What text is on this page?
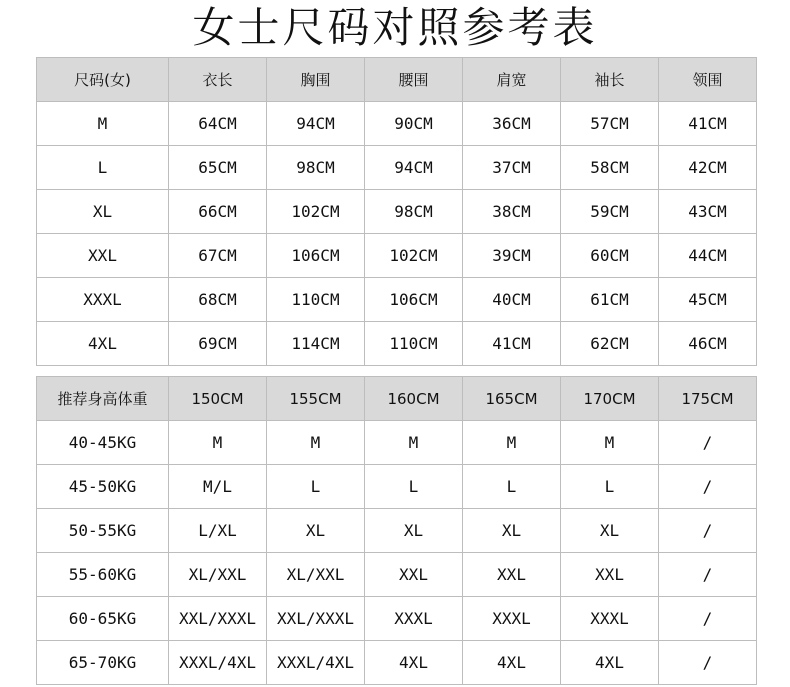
女士尺码对照参考表
尺码(女)	衣长	胸围	腰围	肩宽	袖长	领围
M	64CM	94CM	90CM	36CM	57CM	41CM
L	65CM	98CM	94CM	37CM	58CM	42CM
XL	66CM	102CM	98CM	38CM	59CM	43CM
XXL	67CM	106CM	102CM	39CM	60CM	44CM
XXXL	68CM	110CM	106CM	40CM	61CM	45CM
4XL	69CM	114CM	110CM	41CM	62CM	46CM
推荐身高体重	150CM	155CM	160CM	165CM	170CM	175CM
40-45KG	M	M	M	M	M	/
45-50KG	M/L	L	L	L	L	/
50-55KG	L/XL	XL	XL	XL	XL	/
55-60KG	XL/XXL	XL/XXL	XXL	XXL	XXL	/
60-65KG	XXL/XXXL	XXL/XXXL	XXXL	XXXL	XXXL	/
65-70KG	XXXL/4XL	XXXL/4XL	4XL	4XL	4XL	/
